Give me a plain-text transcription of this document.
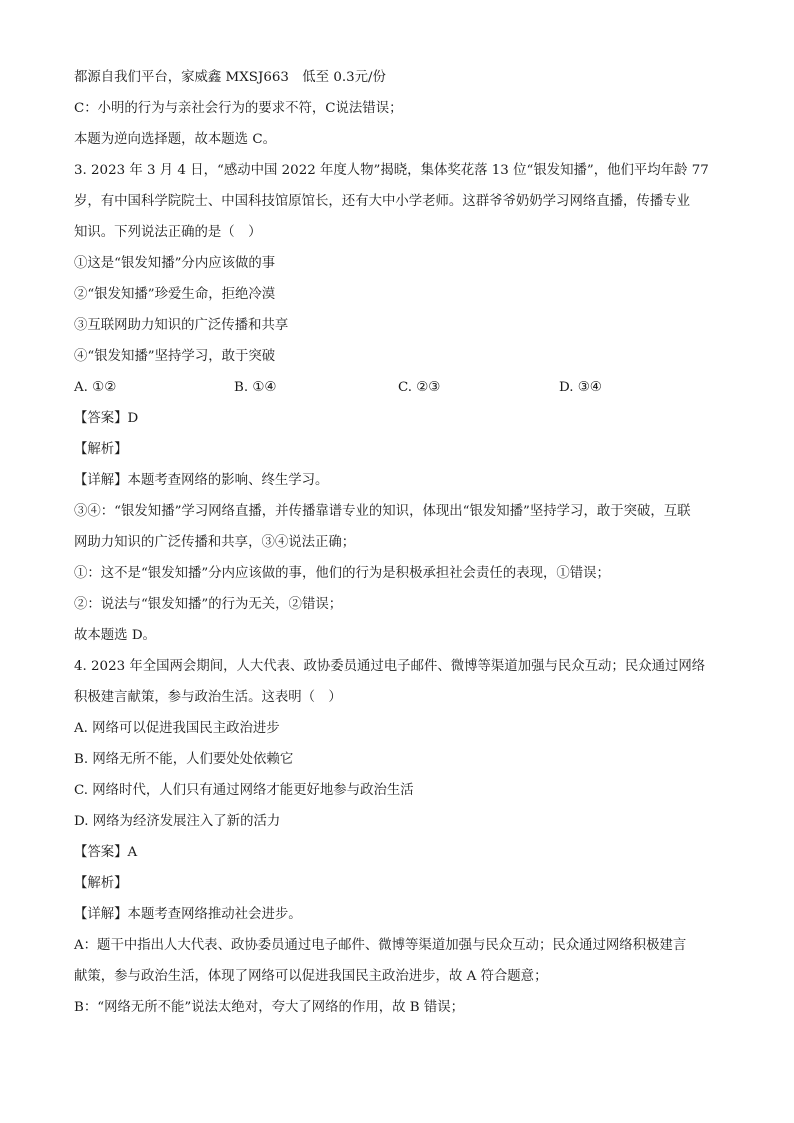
都源自我们平台，家威鑫 MXSJ663　低至 0.3元/份
C：小明的行为与亲社会行为的要求不符，C说法错误；
本题为逆向选择题，故本题选 C。
3. 2023 年 3 月 4 日，“感动中国 2022 年度人物”揭晓，集体奖花落 13 位“银发知播”，他们平均年龄 77
岁，有中国科学院院士、中国科技馆原馆长，还有大中小学老师。这群爷爷奶奶学习网络直播，传播专业
知识。下列说法正确的是（　）
①这是“银发知播”分内应该做的事
②“银发知播”珍爱生命，拒绝冷漠
③互联网助力知识的广泛传播和共享
④“银发知播”坚持学习，敢于突破
A. ①②	B. ①④	C. ②③	D. ③④
【答案】D
【解析】
【详解】本题考查网络的影响、终生学习。
③④：“银发知播”学习网络直播，并传播靠谱专业的知识，体现出“银发知播”坚持学习，敢于突破，互联
网助力知识的广泛传播和共享，③④说法正确；
①：这不是“银发知播”分内应该做的事，他们的行为是积极承担社会责任的表现，①错误；
②：说法与“银发知播”的行为无关，②错误；
故本题选 D。
4. 2023 年全国两会期间，人大代表、政协委员通过电子邮件、微博等渠道加强与民众互动；民众通过网络
积极建言献策，参与政治生活。这表明（　）
A. 网络可以促进我国民主政治进步
B. 网络无所不能，人们要处处依赖它
C. 网络时代，人们只有通过网络才能更好地参与政治生活
D. 网络为经济发展注入了新的活力
【答案】A
【解析】
【详解】本题考查网络推动社会进步。
A：题干中指出人大代表、政协委员通过电子邮件、微博等渠道加强与民众互动；民众通过网络积极建言
献策，参与政治生活，体现了网络可以促进我国民主政治进步，故 A 符合题意；
B：“网络无所不能”说法太绝对，夸大了网络的作用，故 B 错误；
